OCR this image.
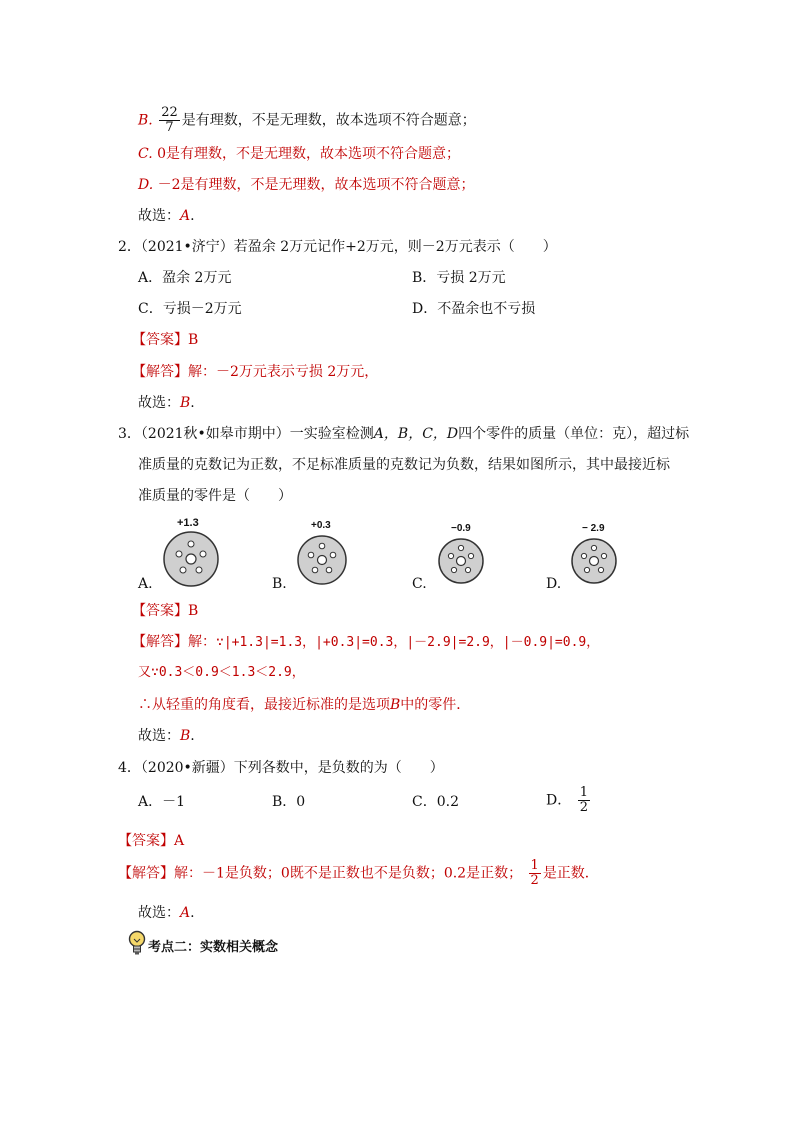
B. $\frac{22}{7}$ 是有理数，不是无理数，故本选项不符合题意；
C. 0是有理数，不是无理数，故本选项不符合题意；
D. －2是有理数，不是无理数，故本选项不符合题意；
故选：A.
2．（2021•济宁）若盈余 2万元记作+2万元，则－2万元表示（　　）
A．盈余 2万元	B．亏损 2万元
C．亏损－2万元	D．不盈余也不亏损
【答案】B
【解答】解：－2万元表示亏损 2万元，
故选：B.
3．（2021秋•如皋市期中）一实验室检测A，B，C，D四个零件的质量（单位：克），超过标
准质量的克数记为正数，不足标准质量的克数记为负数，结果如图所示，其中最接近标
准质量的零件是（　　）
+1.3
A.
+0.3
B.
−0.9
C.
− 2.9
D.
【答案】B
【解答】解：∵|+1.3|=1.3，|+0.3|=0.3，|－2.9|=2.9，|－0.9|=0.9，
又∵0.3＜0.9＜1.3＜2.9，
∴从轻重的角度看，最接近标准的是选项B中的零件．
故选：B.
4．（2020•新疆）下列各数中，是负数的为（　　）
A．－1	B．0	C．0.2	D． $\frac{1}{2}$
【答案】A
【解答】解：－1是负数；0既不是正数也不是负数；0.2是正数； $\frac{1}{2}$ 是正数．
故选：A.
考点二：实数相关概念
